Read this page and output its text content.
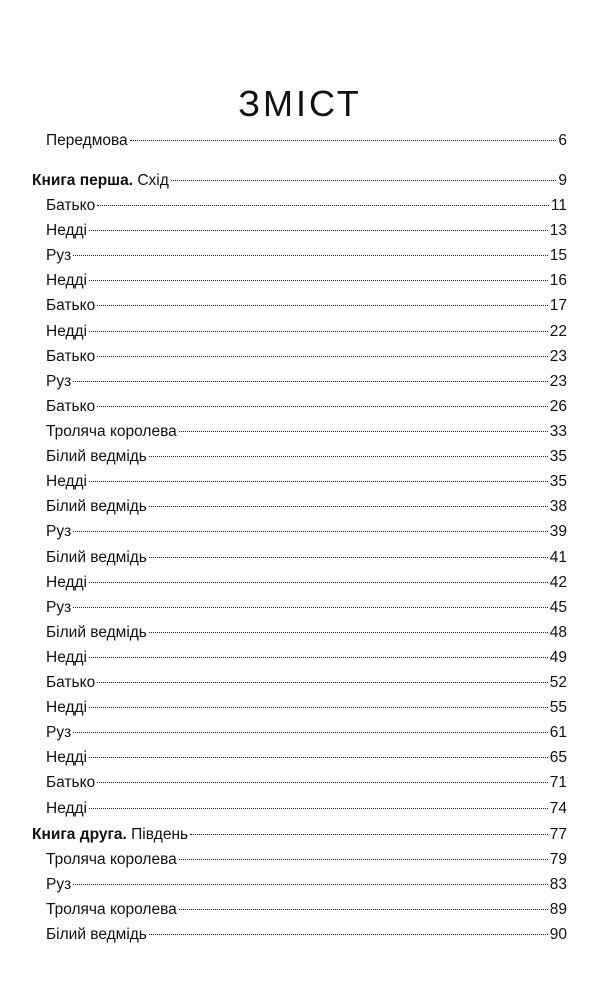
ЗМІСТ
Передмова	6
Книга перша. Схід	9
Батько	11
Недді	13
Руз	15
Недді	16
Батько	17
Недді	22
Батько	23
Руз	23
Батько	26
Троляча королева	33
Білий ведмідь	35
Недді	35
Білий ведмідь	38
Руз	39
Білий ведмідь	41
Недді	42
Руз	45
Білий ведмідь	48
Недді	49
Батько	52
Недді	55
Руз	61
Недді	65
Батько	71
Недді	74
Книга друга. Південь	77
Троляча королева	79
Руз	83
Троляча королева	89
Білий ведмідь	90
